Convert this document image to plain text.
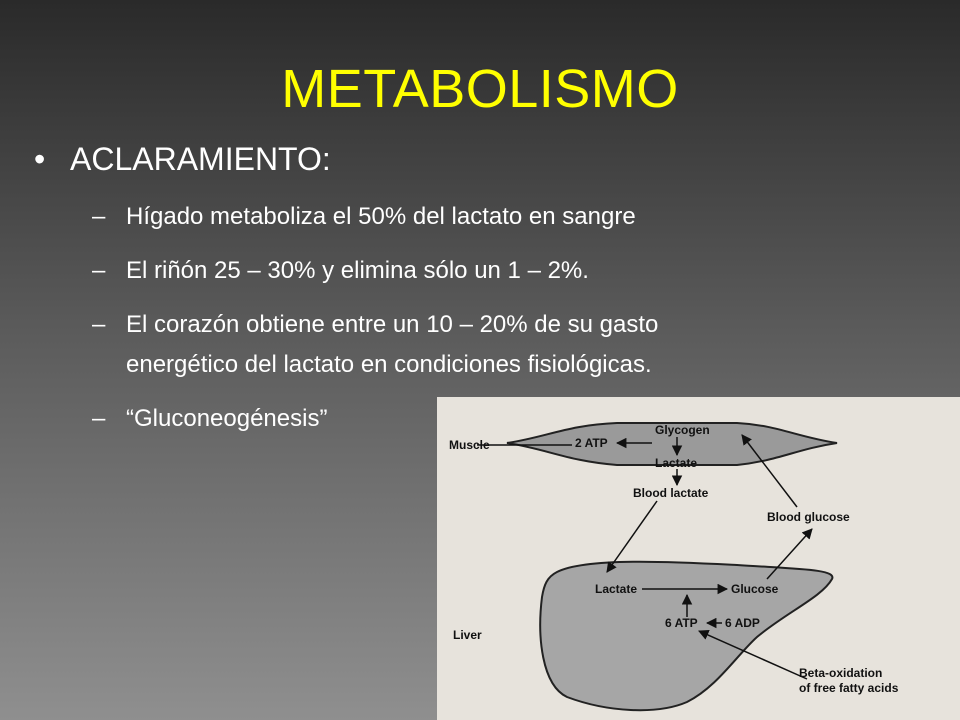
METABOLISMO
• ACLARAMIENTO:
– Hígado metaboliza el 50% del lactato en sangre
– El riñón 25 – 30% y elimina sólo un 1 – 2%.
– El corazón obtiene entre un 10 – 20% de su gasto
energético del lactato en condiciones fisiológicas.
– “Gluconeogénesis”
Muscle
Glycogen
2 ATP
Lactate
Blood lactate
Blood glucose
Lactate	Glucose
6 ATP 6 ADP
Liver
Beta-oxidation
of free fatty acids
